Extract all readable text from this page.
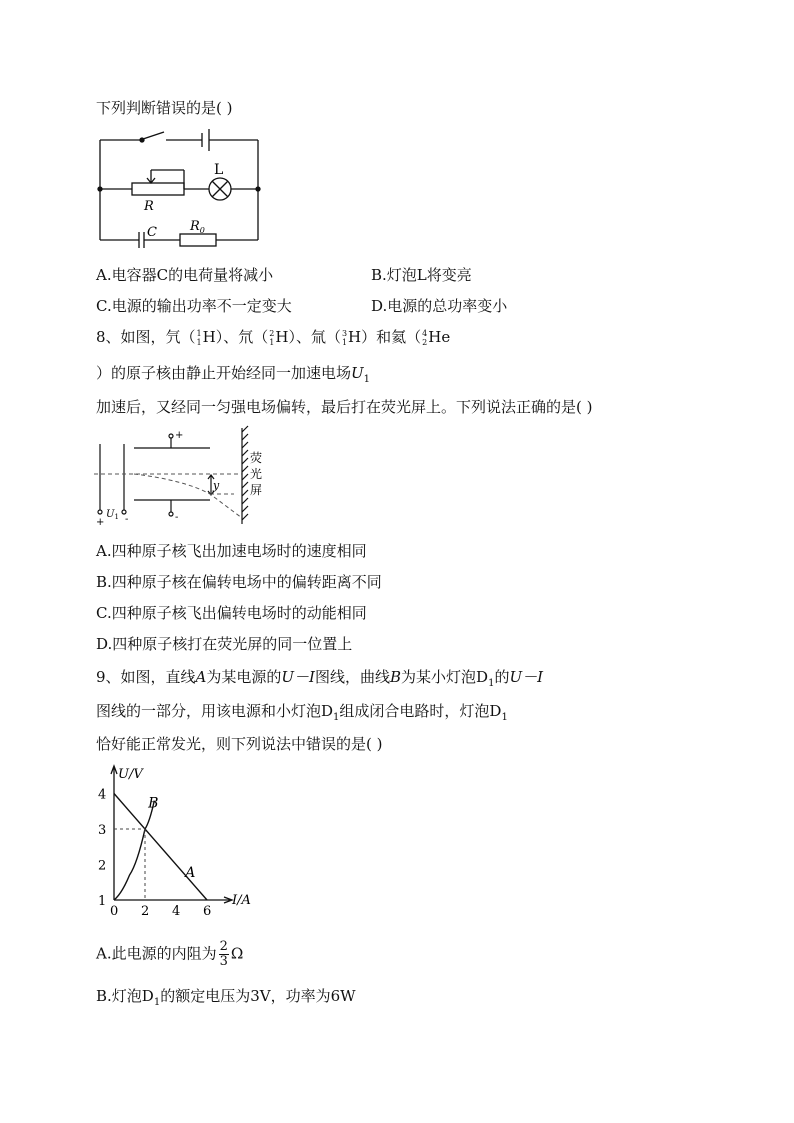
下列判断错误的是( )
L
R
C	$R_0$
A.电容器C的电荷量将减小	B.灯泡L将变亮
C.电源的输出功率不一定变大	D.电源的总功率变小
8、如图，氕（ 1
1 H）、氘（ 2
1 H）、氚（ 3
1 H）和氦（ 4
2 He
）的原子核由静止开始经同一加速电场$U_1$
加速后，又经同一匀强电场偏转，最后打在荧光屏上。下列说法正确的是( )
+
-
+ -
y
$U_1$
荧
光
屏
A.四种原子核飞出加速电场时的速度相同
B.四种原子核在偏转电场中的偏转距离不同
C.四种原子核飞出偏转电场时的动能相同
D.四种原子核打在荧光屏的同一位置上
9、如图，直线A为某电源的U－I图线，曲线B为某小灯泡$D_1$的U－I
图线的一部分，用该电源和小灯泡$D_1$组成闭合电路时，灯泡$D_1$
恰好能正常发光，则下列说法中错误的是( )
U/V
I/A
0 2 4 6
1
2
3
4
A
B
A.此电源的内阻为 $\frac{2}{3}$ Ω
B.灯泡$D_1$的额定电压为3V，功率为6W
